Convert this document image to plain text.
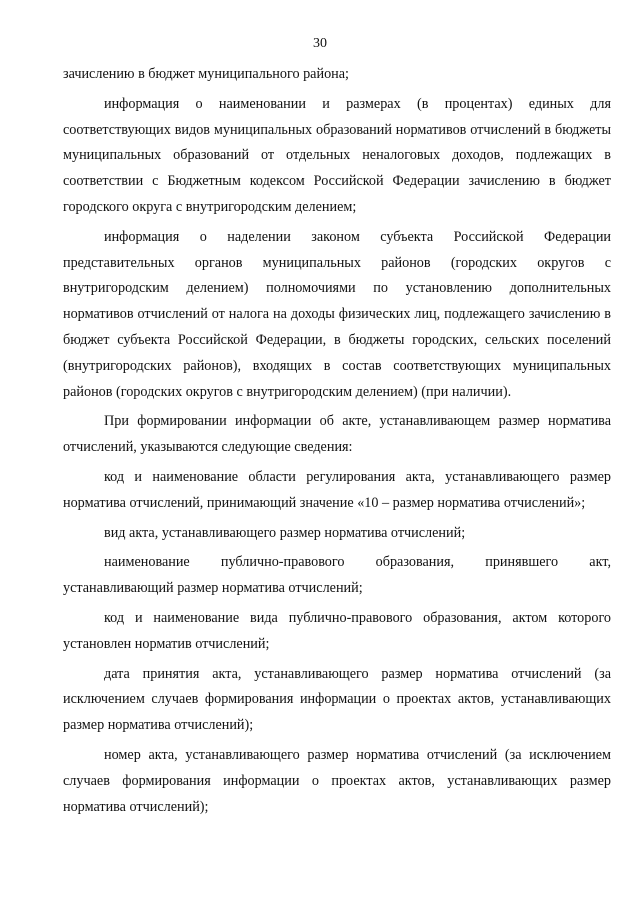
30

зачислению в бюджет муниципального района;

информация о наименовании и размерах (в процентах) единых для соответствующих видов муниципальных образований нормативов отчислений в бюджеты муниципальных образований от отдельных неналоговых доходов, подлежащих в соответствии с Бюджетным кодексом Российской Федерации зачислению в бюджет городского округа с внутригородским делением;

информация о наделении законом субъекта Российской Федерации представительных органов муниципальных районов (городских округов с внутригородским делением) полномочиями по установлению дополнительных нормативов отчислений от налога на доходы физических лиц, подлежащего зачислению в бюджет субъекта Российской Федерации, в бюджеты городских, сельских поселений (внутригородских районов), входящих в состав соответствующих муниципальных районов (городских округов с внутригородским делением) (при наличии).

При формировании информации об акте, устанавливающем размер норматива отчислений, указываются следующие сведения:

код и наименование области регулирования акта, устанавливающего размер норматива отчислений, принимающий значение «10 – размер норматива отчислений»;

вид акта, устанавливающего размер норматива отчислений;

наименование публично-правового образования, принявшего акт, устанавливающий размер норматива отчислений;

код и наименование вида публично-правового образования, актом которого установлен норматив отчислений;

дата принятия акта, устанавливающего размер норматива отчислений (за исключением случаев формирования информации о проектах актов, устанавливающих размер норматива отчислений);

номер акта, устанавливающего размер норматива отчислений (за исключением случаев формирования информации о проектах актов, устанавливающих размер норматива отчислений);
